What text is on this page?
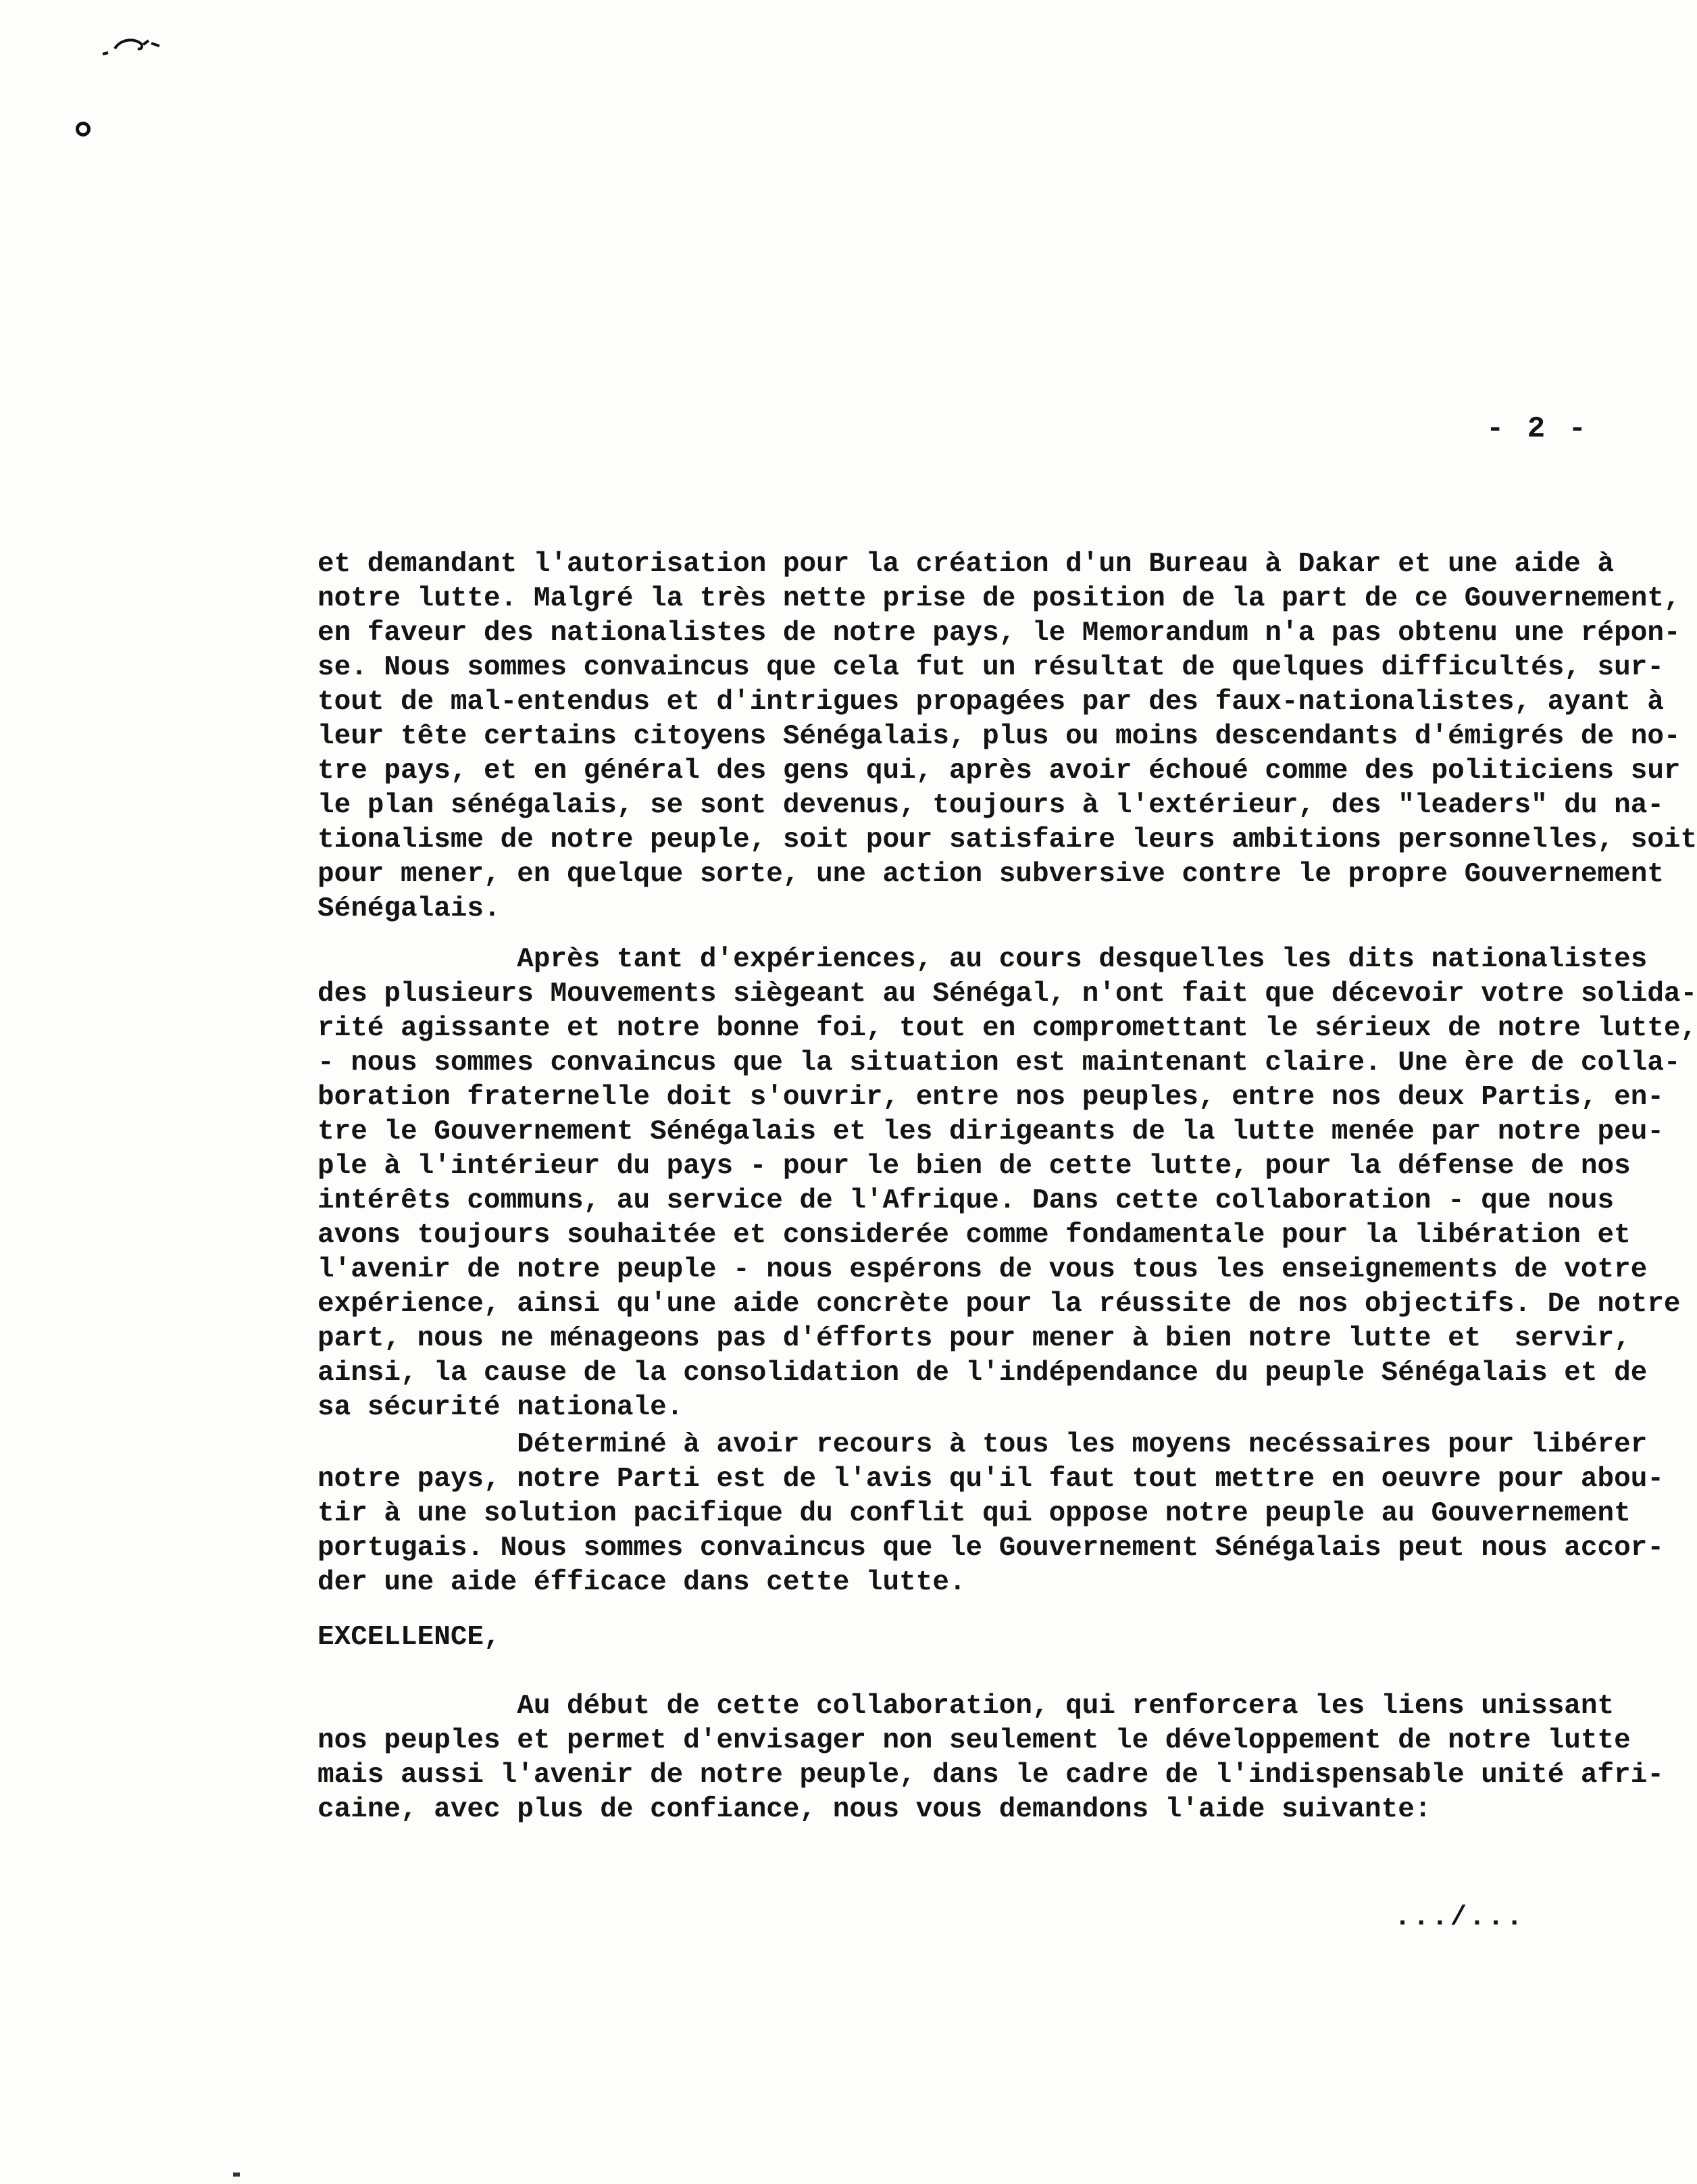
- 2 -
et demandant l'autorisation pour la création d'un Bureau à Dakar et une aide à
notre lutte. Malgré la très nette prise de position de la part de ce Gouvernement,
en faveur des nationalistes de notre pays, le Memorandum n'a pas obtenu une répon-
se. Nous sommes convaincus que cela fut un résultat de quelques difficultés, sur-
tout de mal-entendus et d'intrigues propagées par des faux-nationalistes, ayant à
leur tête certains citoyens Sénégalais, plus ou moins descendants d'émigrés de no-
tre pays, et en général des gens qui, après avoir échoué comme des politiciens sur
le plan sénégalais, se sont devenus, toujours à l'extérieur, des "leaders" du na-
tionalisme de notre peuple, soit pour satisfaire leurs ambitions personnelles, soit
pour mener, en quelque sorte, une action subversive contre le propre Gouvernement
Sénégalais.
Après tant d'expériences, au cours desquelles les dits nationalistes
des plusieurs Mouvements siègeant au Sénégal, n'ont fait que décevoir votre solida-
rité agissante et notre bonne foi, tout en compromettant le sérieux de notre lutte,
- nous sommes convaincus que la situation est maintenant claire. Une ère de colla-
boration fraternelle doit s'ouvrir, entre nos peuples, entre nos deux Partis, en-
tre le Gouvernement Sénégalais et les dirigeants de la lutte menée par notre peu-
ple à l'intérieur du pays - pour le bien de cette lutte, pour la défense de nos
intérêts communs, au service de l'Afrique. Dans cette collaboration - que nous
avons toujours souhaitée et considerée comme fondamentale pour la libération et
l'avenir de notre peuple - nous espérons de vous tous les enseignements de votre
expérience, ainsi qu'une aide concrète pour la réussite de nos objectifs. De notre
part, nous ne ménageons pas d'éfforts pour mener à bien notre lutte et  servir,
ainsi, la cause de la consolidation de l'indépendance du peuple Sénégalais et de
sa sécurité nationale.
Déterminé à avoir recours à tous les moyens necéssaires pour libérer
notre pays, notre Parti est de l'avis qu'il faut tout mettre en oeuvre pour abou-
tir à une solution pacifique du conflit qui oppose notre peuple au Gouvernement
portugais. Nous sommes convaincus que le Gouvernement Sénégalais peut nous accor-
der une aide éfficace dans cette lutte.
EXCELLENCE,
Au début de cette collaboration, qui renforcera les liens unissant
nos peuples et permet d'envisager non seulement le développement de notre lutte
mais aussi l'avenir de notre peuple, dans le cadre de l'indispensable unité afri-
caine, avec plus de confiance, nous vous demandons l'aide suivante:
.../...
